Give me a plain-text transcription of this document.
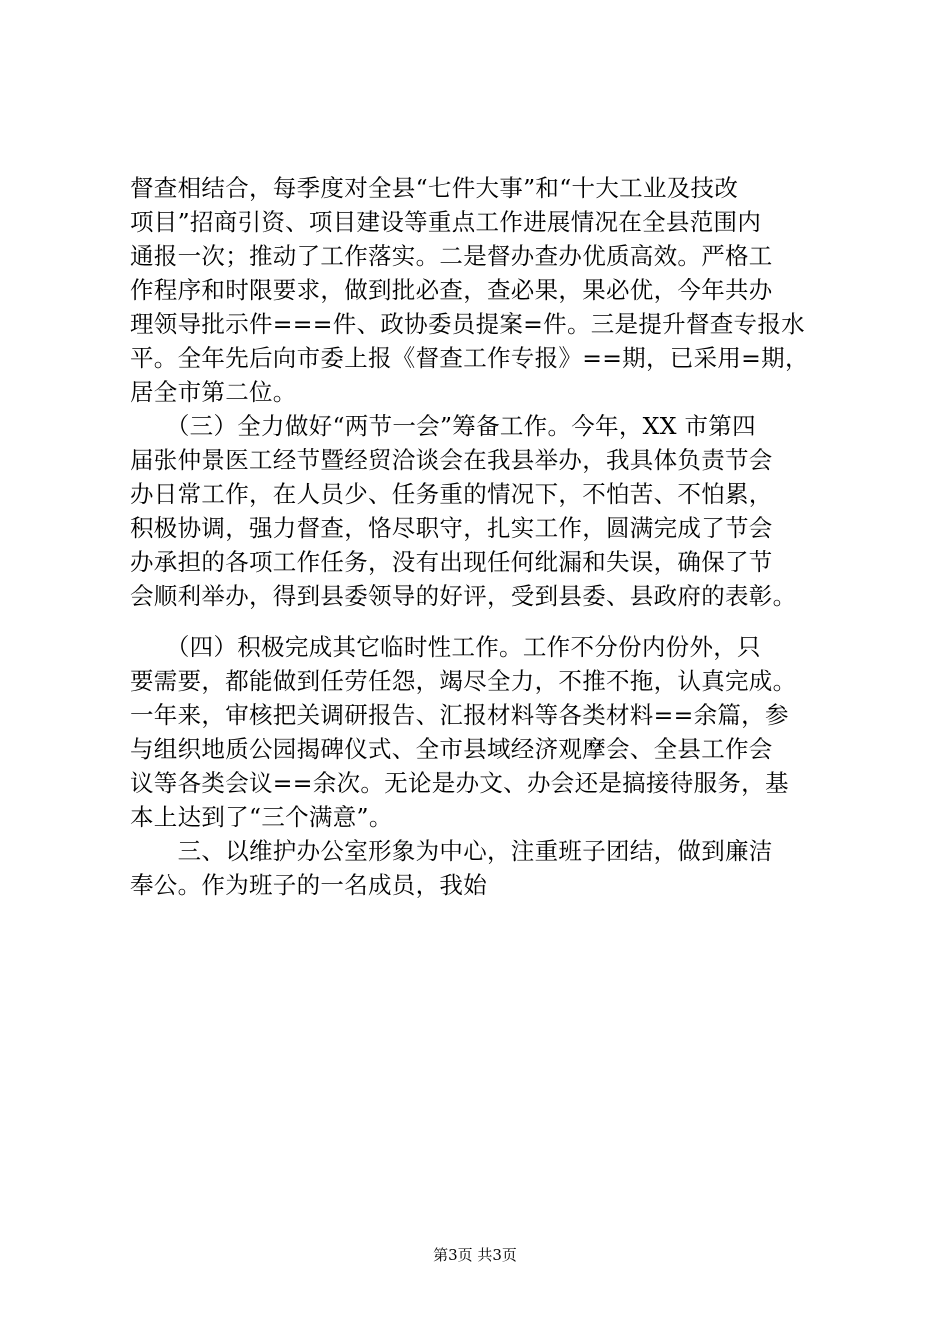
督查相结合，每季度对全县“七件大事”和“十大工业及技改
项目”招商引资、项目建设等重点工作进展情况在全县范围内
通报一次；推动了工作落实。二是督办查办优质高效。严格工
作程序和时限要求，做到批必查，查必果，果必优，今年共办
理领导批示件===件、政协委员提案=件。三是提升督查专报水
平。全年先后向市委上报《督查工作专报》==期，已采用=期，
居全市第二位。
　　（三）全力做好“两节一会”筹备工作。今年，XX 市第四
届张仲景医工经节暨经贸洽谈会在我县举办，我具体负责节会
办日常工作，在人员少、任务重的情况下，不怕苦、不怕累，
积极协调，强力督查，恪尽职守，扎实工作，圆满完成了节会
办承担的各项工作任务，没有出现任何纰漏和失误，确保了节
会顺利举办，得到县委领导的好评，受到县委、县政府的表彰。
　　（四）积极完成其它临时性工作。工作不分份内份外，只
要需要，都能做到任劳任怨，竭尽全力，不推不拖，认真完成。
一年来，审核把关调研报告、汇报材料等各类材料==余篇，参
与组织地质公园揭碑仪式、全市县域经济观摩会、全县工作会
议等各类会议==余次。无论是办文、办会还是搞接待服务，基
本上达到了“三个满意”。
　　三、以维护办公室形象为中心，注重班子团结，做到廉洁
奉公。作为班子的一名成员，我始
第3页 共3页
